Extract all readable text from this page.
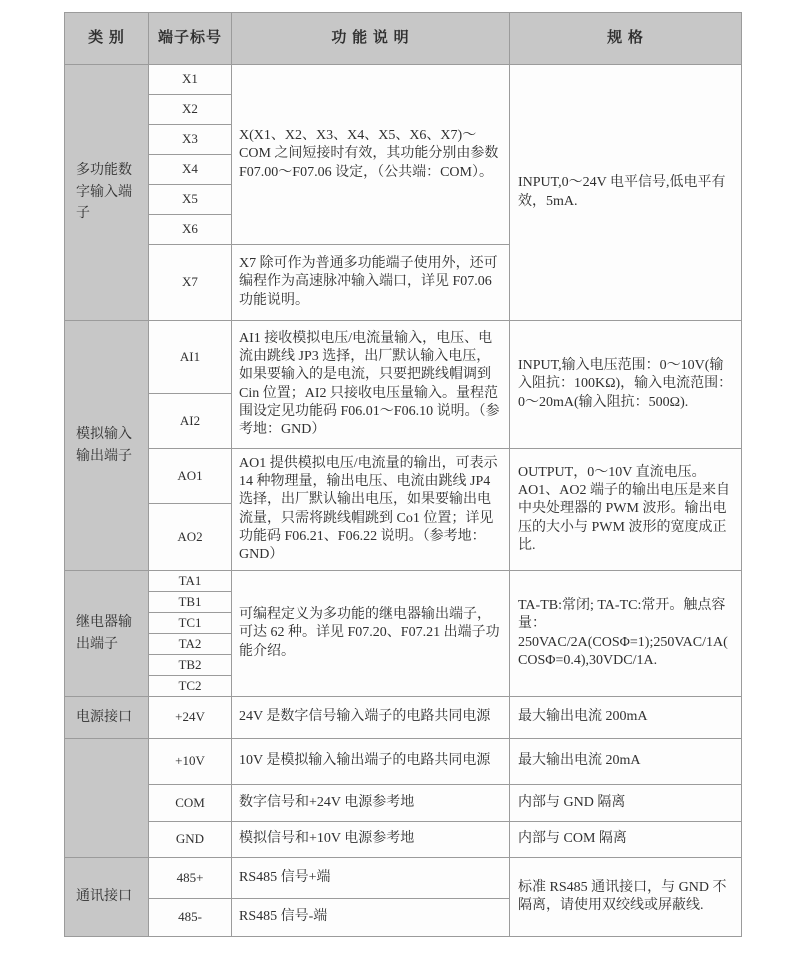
类 别	端子标号	功 能 说 明	规 格
多功能数字输入端子	X1	X(X1、X2、X3、X4、X5、X6、X7)～COM 之间短接时有效，其功能分别由参数 F07.00～F07.06 设定，（公共端：COM）。	INPUT,0～24V 电平信号,低电平有效，5mA.
	X2		
	X3		
	X4		
	X5		
	X6		
	X7	X7 除可作为普通多功能端子使用外，还可编程作为高速脉冲输入端口，详见 F07.06 功能说明。	
模拟输入输出端子	AI1	AI1 接收模拟电压/电流量输入，电压、电流由跳线 JP3 选择，出厂默认输入电压，如果要输入的是电流，只要把跳线帽调到 Cin 位置；AI2 只接收电压量输入。量程范围设定见功能码 F06.01～F06.10 说明。（参考地：GND）	INPUT,输入电压范围：0～10V(输入阻抗：100KΩ)，输入电流范围：0～20mA(输入阻抗：500Ω).
	AI2		
	AO1	AO1 提供模拟电压/电流量的输出，可表示 14 种物理量，输出电压、电流由跳线 JP4 选择，出厂默认输出电压，如果要输出电流量，只需将跳线帽跳到 Co1 位置；详见功能码 F06.21、F06.22 说明。（参考地：GND）	OUTPUT，0～10V 直流电压。AO1、AO2 端子的输出电压是来自中央处理器的 PWM 波形。输出电压的大小与 PWM 波形的宽度成正比.
	AO2		
继电器输出端子	TA1	可编程定义为多功能的继电器输出端子，可达 62 种。详见 F07.20、F07.21 出端子功能介绍。	TA-TB:常闭; TA-TC:常开。触点容量：250VAC/2A(COSΦ=1);250VAC/1A(COSΦ=0.4),30VDC/1A.
	TB1		
	TC1		
	TA2		
	TB2		
	TC2		
电源接口	+24V	24V 是数字信号输入端子的电路共同电源	最大输出电流 200mA
	+10V	10V 是模拟输入输出端子的电路共同电源	最大输出电流 20mA
	COM	数字信号和+24V 电源参考地	内部与 GND 隔离
	GND	模拟信号和+10V 电源参考地	内部与 COM 隔离
通讯接口	485+	RS485 信号+端	标准 RS485 通讯接口，与 GND 不隔离，请使用双绞线或屏蔽线.
	485-	RS485 信号-端	
